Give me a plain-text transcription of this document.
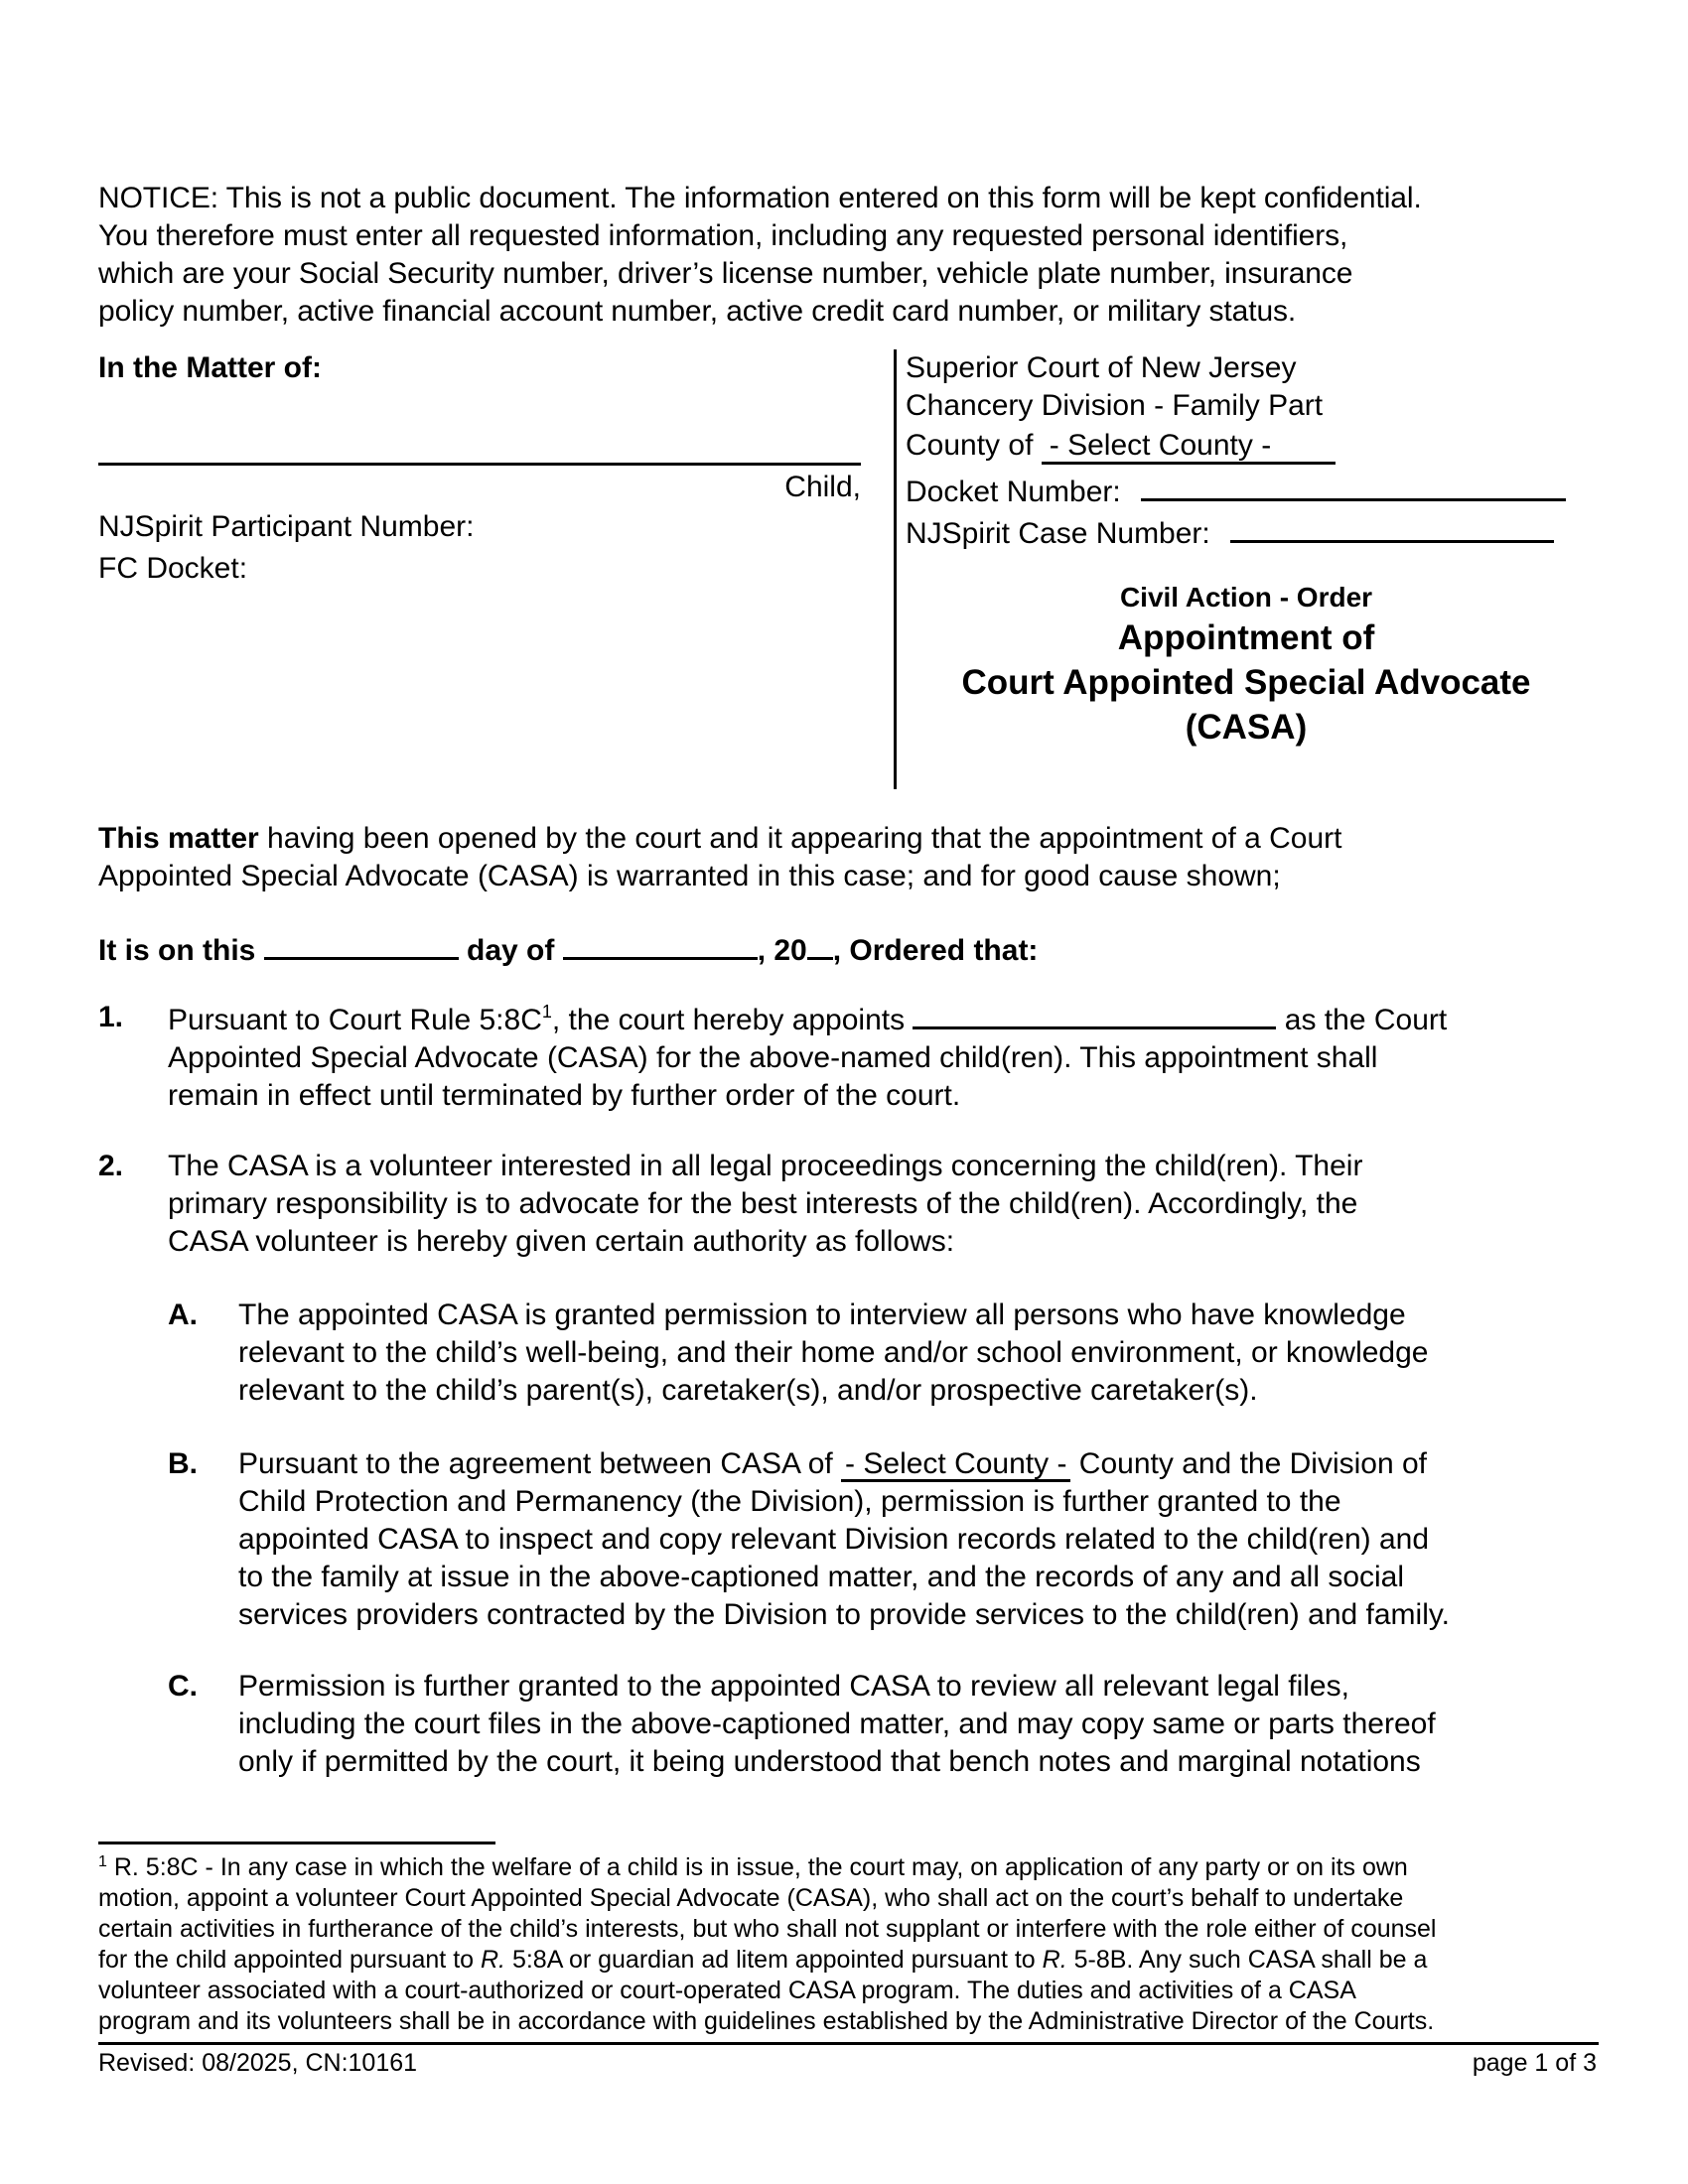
NOTICE: This is not a public document. The information entered on this form will be kept confidential.
You therefore must enter all requested information, including any requested personal identifiers,
which are your Social Security number, driver’s license number, vehicle plate number, insurance
policy number, active financial account number, active credit card number, or military status.
In the Matter of:
Child,
NJSpirit Participant Number:
FC Docket:
Superior Court of New Jersey
Chancery Division - Family Part
County of - Select County -
Docket Number:
NJSpirit Case Number:
Civil Action - Order
Appointment of
Court Appointed Special Advocate
(CASA)
This matter having been opened by the court and it appearing that the appointment of a Court
Appointed Special Advocate (CASA) is warranted in this case; and for good cause shown;
It is on this	day of	, 20 , Ordered that:
1. Pursuant to Court Rule $5:8C^1$, the court hereby appoints	as the Court
Appointed Special Advocate (CASA) for the above-named child(ren). This appointment shall
remain in effect until terminated by further order of the court.
2. The CASA is a volunteer interested in all legal proceedings concerning the child(ren). Their
primary responsibility is to advocate for the best interests of the child(ren). Accordingly, the
CASA volunteer is hereby given certain authority as follows:
A. The appointed CASA is granted permission to interview all persons who have knowledge
relevant to the child’s well-being, and their home and/or school environment, or knowledge
relevant to the child’s parent(s), caretaker(s), and/or prospective caretaker(s).
B. Pursuant to the agreement between CASA of - Select County - County and the Division of
Child Protection and Permanency (the Division), permission is further granted to the
appointed CASA to inspect and copy relevant Division records related to the child(ren) and
to the family at issue in the above-captioned matter, and the records of any and all social
services providers contracted by the Division to provide services to the child(ren) and family.
C. Permission is further granted to the appointed CASA to review all relevant legal files,
including the court files in the above-captioned matter, and may copy same or parts thereof
only if permitted by the court, it being understood that bench notes and marginal notations
$^1$ R. 5:8C - In any case in which the welfare of a child is in issue, the court may, on application of any party or on its own
motion, appoint a volunteer Court Appointed Special Advocate (CASA), who shall act on the court’s behalf to undertake
certain activities in furtherance of the child’s interests, but who shall not supplant or interfere with the role either of counsel
for the child appointed pursuant to R. 5:8A or guardian ad litem appointed pursuant to R. 5-8B. Any such CASA shall be a
volunteer associated with a court-authorized or court-operated CASA program. The duties and activities of a CASA
program and its volunteers shall be in accordance with guidelines established by the Administrative Director of the Courts.
Revised: 08/2025, CN:10161	page 1 of 3
